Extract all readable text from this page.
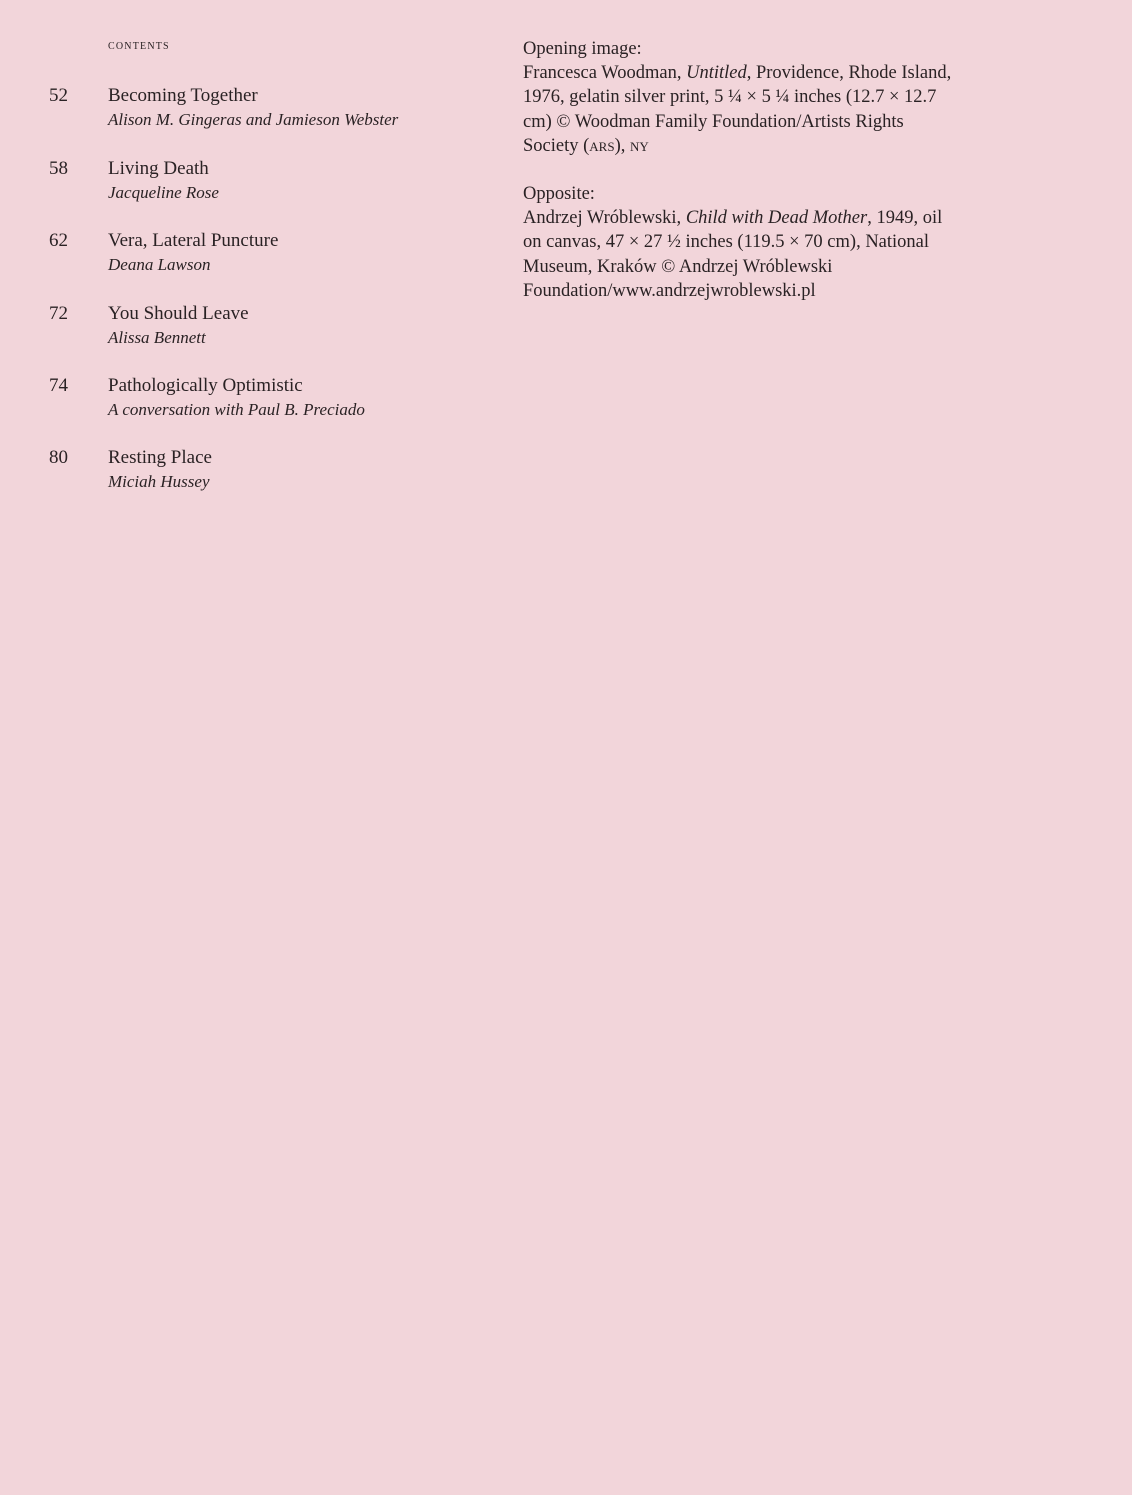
contents
52 Becoming Together
Alison M. Gingeras and Jamieson Webster
58 Living Death
Jacqueline Rose
62 Vera, Lateral Puncture
Deana Lawson
72 You Should Leave
Alissa Bennett
74 Pathologically Optimistic
A conversation with Paul B. Preciado
80 Resting Place
Miciah Hussey

Opening image:

Francesca Woodman, Untitled, Providence, Rhode Island, 1976, gelatin silver print, 5 ¼ × 5 ¼ inches (12.7 × 12.7 cm) © Woodman Family Foundation/Artists Rights Society (ars), ny

Opposite:

Andrzej Wróblewski, Child with Dead Mother, 1949, oil on canvas, 47 × 27 ½ inches (119.5 × 70 cm), National Museum, Kraków © Andrzej Wróblewski Foundation/www.andrzejwroblewski.pl
